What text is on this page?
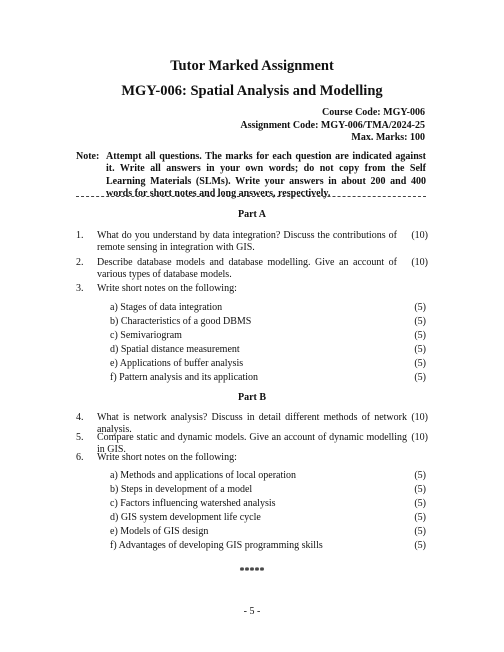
Tutor Marked Assignment
MGY-006: Spatial Analysis and Modelling
Course Code: MGY-006
Assignment Code: MGY-006/TMA/2024-25
Max. Marks: 100
Note: Attempt all questions. The marks for each question are indicated against it. Write all answers in your own words; do not copy from the Self Learning Materials (SLMs). Write your answers in about 200 and 400 words for short notes and long answers, respectively.
Part A
1. What do you understand by data integration? Discuss the contributions of remote sensing in integration with GIS.
(10)
2. Describe database models and database modelling. Give an account of various types of database models.
(10)
3. Write short notes on the following:
a) Stages of data integration	(5)
b) Characteristics of a good DBMS	(5)
c) Semivariogram	(5)
d) Spatial distance measurement	(5)
e) Applications of buffer analysis	(5)
f) Pattern analysis and its application	(5)
Part B
4. What is network analysis? Discuss in detail different methods of network analysis.
(10)
5. Compare static and dynamic models. Give an account of dynamic modelling in GIS.
(10)
6. Write short notes on the following:
a) Methods and applications of local operation	(5)
b) Steps in development of a model	(5)
c) Factors influencing watershed analysis	(5)
d) GIS system development life cycle	(5)
e) Models of GIS design	(5)
f) Advantages of developing GIS programming skills	(5)
*****
- 5 -
